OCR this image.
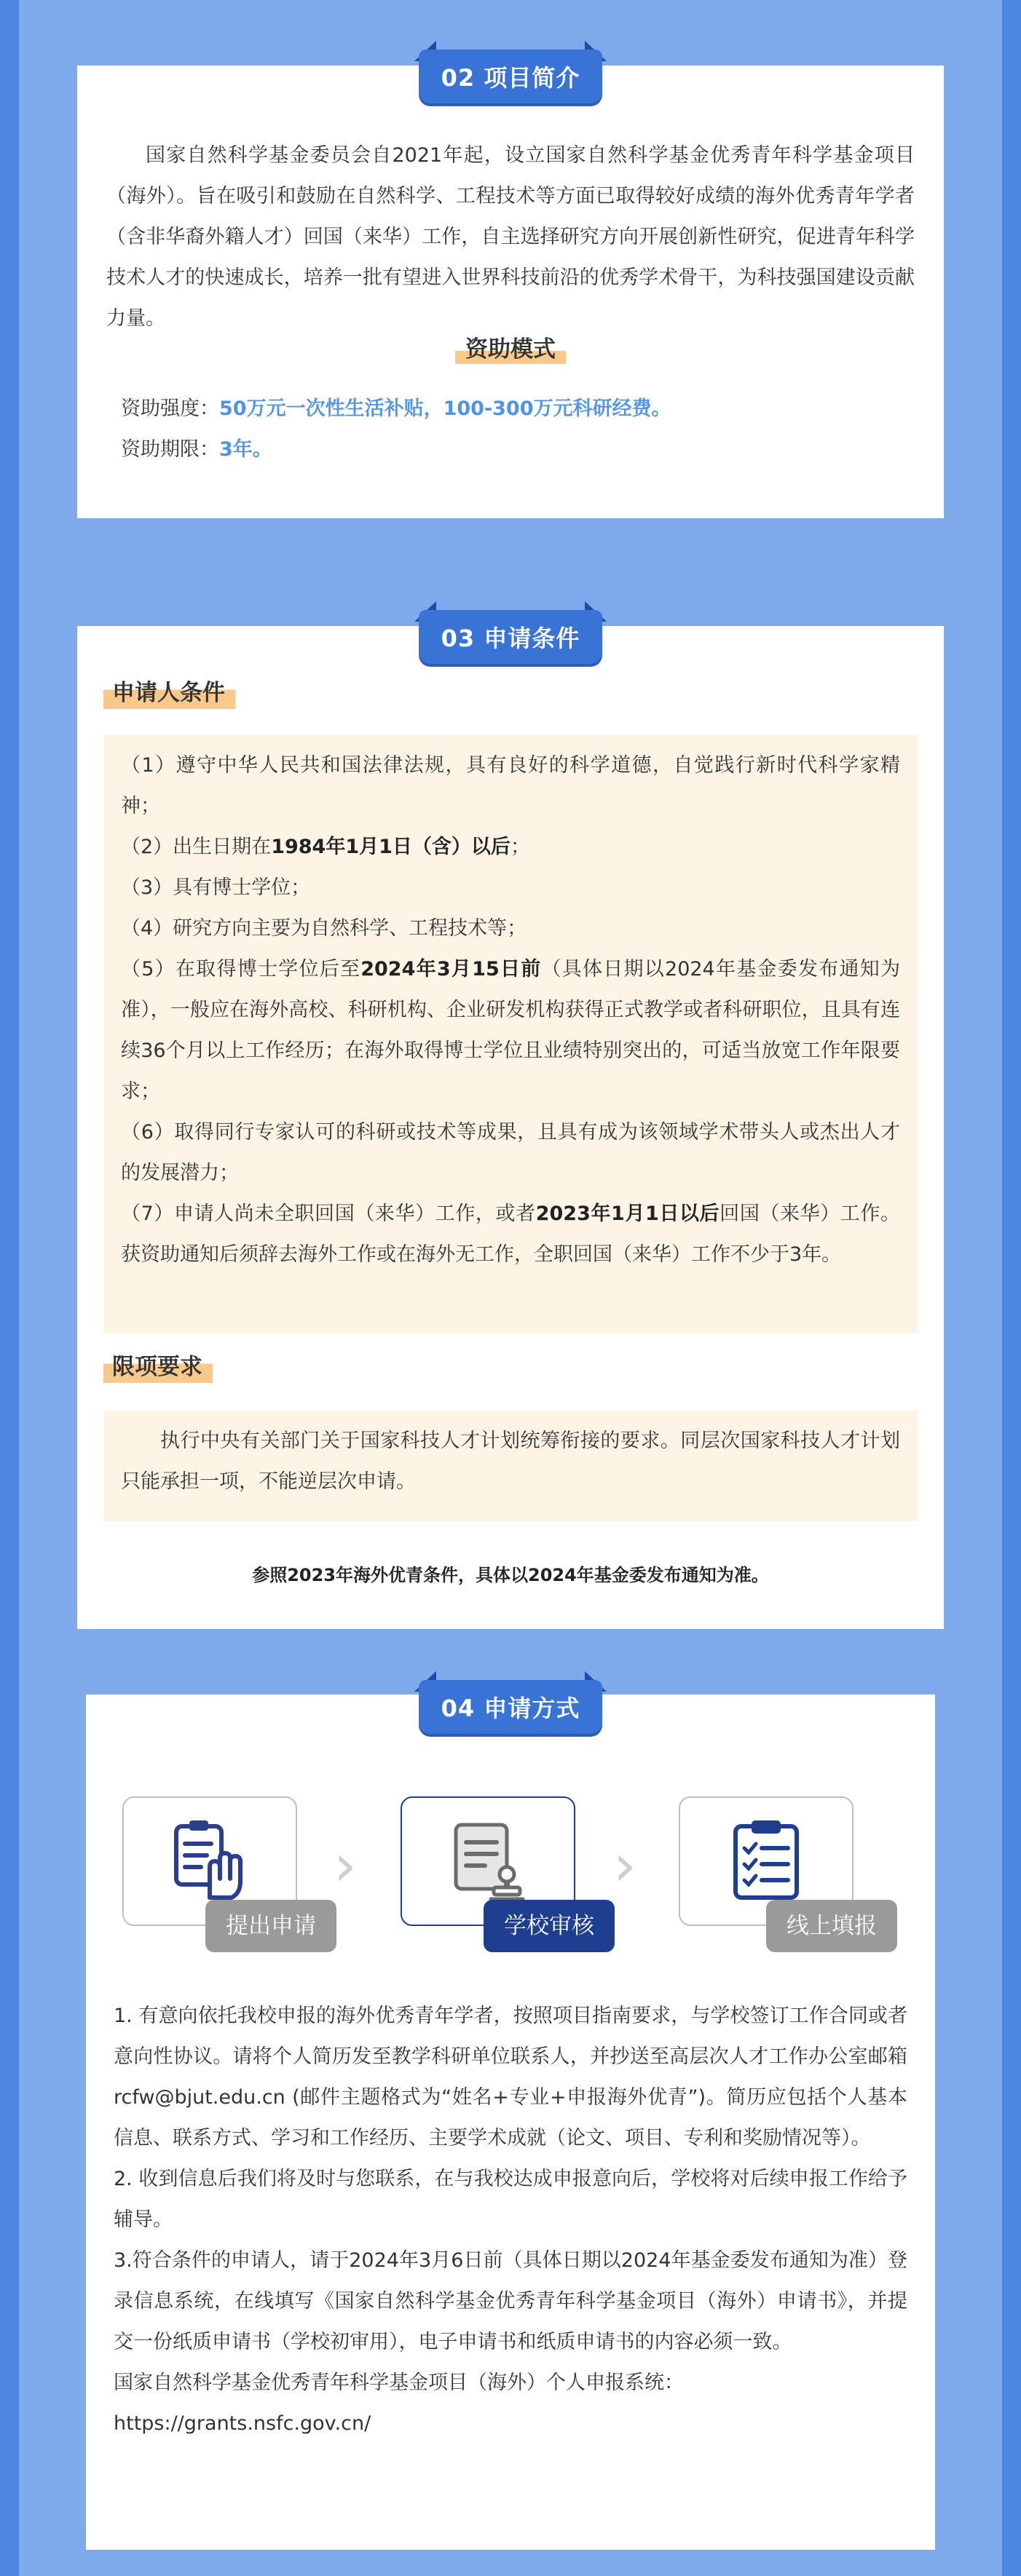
02 项目简介
国家自然科学基金委员会自2021年起，设立国家自然科学基金优秀青年科学基金项目（海外）。旨在吸引和鼓励在自然科学、工程技术等方面已取得较好成绩的海外优秀青年学者（含非华裔外籍人才）回国（来华）工作，自主选择研究方向开展创新性研究，促进青年科学技术人才的快速成长，培养一批有望进入世界科技前沿的优秀学术骨干，为科技强国建设贡献力量。
资助模式
资助强度：50万元一次性生活补贴，100-300万元科研经费。
资助期限：3年。
03 申请条件
申请人条件
（1）遵守中华人民共和国法律法规，具有良好的科学道德，自觉践行新时代科学家精神；
（2）出生日期在1984年1月1日（含）以后；
（3）具有博士学位；
（4）研究方向主要为自然科学、工程技术等；
（5）在取得博士学位后至2024年3月15日前（具体日期以2024年基金委发布通知为准），一般应在海外高校、科研机构、企业研发机构获得正式教学或者科研职位，且具有连续36个月以上工作经历；在海外取得博士学位且业绩特别突出的，可适当放宽工作年限要求；
（6）取得同行专家认可的科研或技术等成果，且具有成为该领域学术带头人或杰出人才的发展潜力；
（7）申请人尚未全职回国（来华）工作，或者2023年1月1日以后回国（来华）工作。获资助通知后须辞去海外工作或在海外无工作，全职回国（来华）工作不少于3年。
限项要求
执行中央有关部门关于国家科技人才计划统筹衔接的要求。同层次国家科技人才计划只能承担一项，不能逆层次申请。
参照2023年海外优青条件，具体以2024年基金委发布通知为准。
04 申请方式
提出申请
›
学校审核
›
线上填报
1. 有意向依托我校申报的海外优秀青年学者，按照项目指南要求，与学校签订工作合同或者意向性协议。请将个人简历发至教学科研单位联系人，并抄送至高层次人才工作办公室邮箱rcfw@bjut.edu.cn (邮件主题格式为“姓名+专业+申报海外优青”)。简历应包括个人基本信息、联系方式、学习和工作经历、主要学术成就（论文、项目、专利和奖励情况等）。
2. 收到信息后我们将及时与您联系，在与我校达成申报意向后，学校将对后续申报工作给予辅导。
3.符合条件的申请人，请于2024年3月6日前（具体日期以2024年基金委发布通知为准）登录信息系统，在线填写《国家自然科学基金优秀青年科学基金项目（海外）申请书》，并提交一份纸质申请书（学校初审用），电子申请书和纸质申请书的内容必须一致。
国家自然科学基金优秀青年科学基金项目（海外）个人申报系统：
https://grants.nsfc.gov.cn/
